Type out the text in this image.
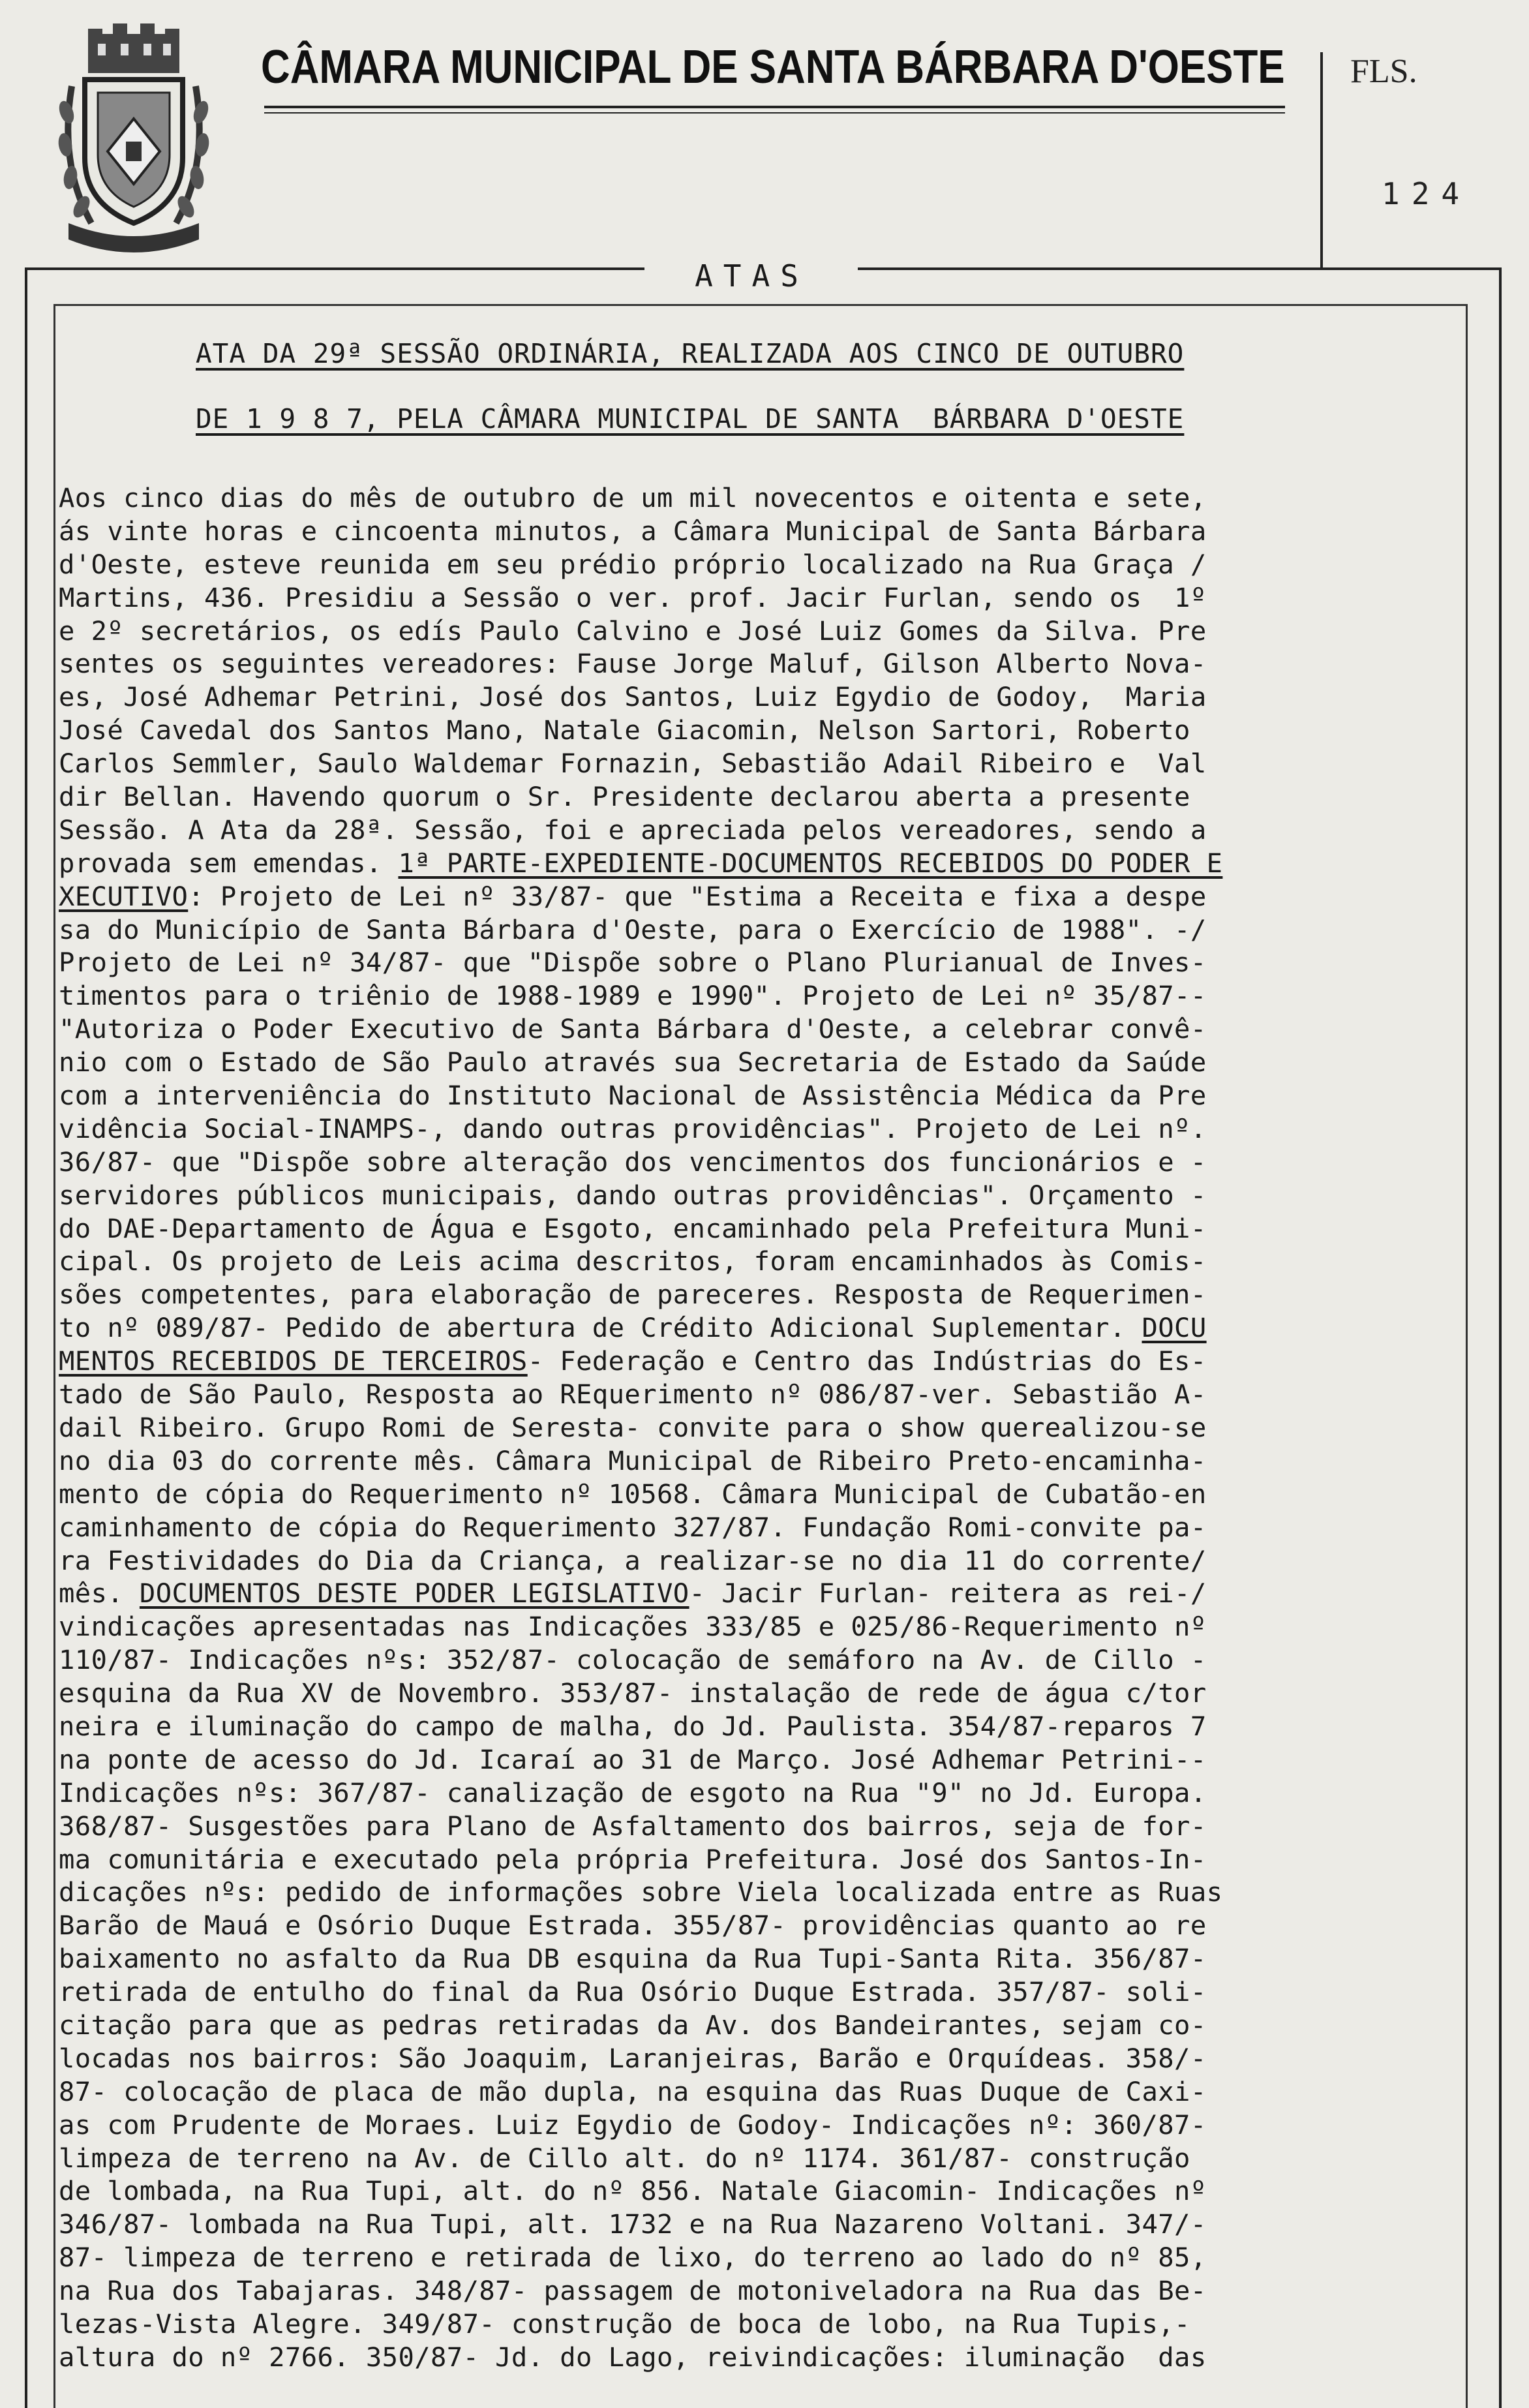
CÂMARA MUNICIPAL DE SANTA BÁRBARA D'OESTE FLS.
124
ATAS
ATA DA 29ª SESSÃO ORDINÁRIA, REALIZADA AOS CINCO DE OUTUBRO
DE 1 9 8 7, PELA CÂMARA MUNICIPAL DE SANTA  BÁRBARA D'OESTE
Aos cinco dias do mês de outubro de um mil novecentos e oitenta e sete,
ás vinte horas e cincoenta minutos, a Câmara Municipal de Santa Bárbara
d'Oeste, esteve reunida em seu prédio próprio localizado na Rua Graça /
Martins, 436. Presidiu a Sessão o ver. prof. Jacir Furlan, sendo os  1º
e 2º secretários, os edís Paulo Calvino e José Luiz Gomes da Silva. Pre
sentes os seguintes vereadores: Fause Jorge Maluf, Gilson Alberto Nova-
es, José Adhemar Petrini, José dos Santos, Luiz Egydio de Godoy,  Maria
José Cavedal dos Santos Mano, Natale Giacomin, Nelson Sartori, Roberto
Carlos Semmler, Saulo Waldemar Fornazin, Sebastião Adail Ribeiro e  Val
dir Bellan. Havendo quorum o Sr. Presidente declarou aberta a presente
Sessão. A Ata da 28ª. Sessão, foi e apreciada pelos vereadores, sendo a
provada sem emendas. 1ª PARTE-EXPEDIENTE-DOCUMENTOS RECEBIDOS DO PODER E
XECUTIVO: Projeto de Lei nº 33/87- que "Estima a Receita e fixa a despe
sa do Município de Santa Bárbara d'Oeste, para o Exercício de 1988". -/
Projeto de Lei nº 34/87- que "Dispõe sobre o Plano Plurianual de Inves-
timentos para o triênio de 1988-1989 e 1990". Projeto de Lei nº 35/87--
"Autoriza o Poder Executivo de Santa Bárbara d'Oeste, a celebrar convê-
nio com o Estado de São Paulo através sua Secretaria de Estado da Saúde
com a interveniência do Instituto Nacional de Assistência Médica da Pre
vidência Social-INAMPS-, dando outras providências". Projeto de Lei nº.
36/87- que "Dispõe sobre alteração dos vencimentos dos funcionários e -
servidores públicos municipais, dando outras providências". Orçamento -
do DAE-Departamento de Água e Esgoto, encaminhado pela Prefeitura Muni-
cipal. Os projeto de Leis acima descritos, foram encaminhados às Comis-
sões competentes, para elaboração de pareceres. Resposta de Requerimen-
to nº 089/87- Pedido de abertura de Crédito Adicional Suplementar. DOCU
MENTOS RECEBIDOS DE TERCEIROS- Federação e Centro das Indústrias do Es-
tado de São Paulo, Resposta ao REquerimento nº 086/87-ver. Sebastião A-
dail Ribeiro. Grupo Romi de Seresta- convite para o show querealizou-se
no dia 03 do corrente mês. Câmara Municipal de Ribeiro Preto-encaminha-
mento de cópia do Requerimento nº 10568. Câmara Municipal de Cubatão-en
caminhamento de cópia do Requerimento 327/87. Fundação Romi-convite pa-
ra Festividades do Dia da Criança, a realizar-se no dia 11 do corrente/
mês. DOCUMENTOS DESTE PODER LEGISLATIVO- Jacir Furlan- reitera as rei-/
vindicações apresentadas nas Indicações 333/85 e 025/86-Requerimento nº
110/87- Indicações nºs: 352/87- colocação de semáforo na Av. de Cillo -
esquina da Rua XV de Novembro. 353/87- instalação de rede de água c/tor
neira e iluminação do campo de malha, do Jd. Paulista. 354/87-reparos 7
na ponte de acesso do Jd. Icaraí ao 31 de Março. José Adhemar Petrini--
Indicações nºs: 367/87- canalização de esgoto na Rua "9" no Jd. Europa.
368/87- Susgestões para Plano de Asfaltamento dos bairros, seja de for-
ma comunitária e executado pela própria Prefeitura. José dos Santos-In-
dicações nºs: pedido de informações sobre Viela localizada entre as Ruas
Barão de Mauá e Osório Duque Estrada. 355/87- providências quanto ao re
baixamento no asfalto da Rua DB esquina da Rua Tupi-Santa Rita. 356/87-
retirada de entulho do final da Rua Osório Duque Estrada. 357/87- soli-
citação para que as pedras retiradas da Av. dos Bandeirantes, sejam co-
locadas nos bairros: São Joaquim, Laranjeiras, Barão e Orquídeas. 358/-
87- colocação de placa de mão dupla, na esquina das Ruas Duque de Caxi-
as com Prudente de Moraes. Luiz Egydio de Godoy- Indicações nº: 360/87-
limpeza de terreno na Av. de Cillo alt. do nº 1174. 361/87- construção
de lombada, na Rua Tupi, alt. do nº 856. Natale Giacomin- Indicações nº
346/87- lombada na Rua Tupi, alt. 1732 e na Rua Nazareno Voltani. 347/-
87- limpeza de terreno e retirada de lixo, do terreno ao lado do nº 85,
na Rua dos Tabajaras. 348/87- passagem de motoniveladora na Rua das Be-
lezas-Vista Alegre. 349/87- construção de boca de lobo, na Rua Tupis,-
altura do nº 2766. 350/87- Jd. do Lago, reivindicações: iluminação  das
